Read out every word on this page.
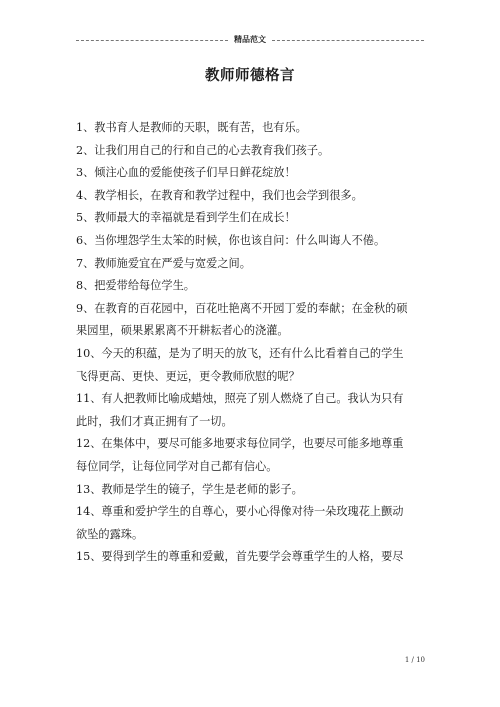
精品范文
教师师德格言

1、教书育人是教师的天职，既有苦，也有乐。

2、让我们用自己的行和自己的心去教育我们孩子。

3、倾注心血的爱能使孩子们早日鲜花绽放！

4、教学相长，在教育和教学过程中，我们也会学到很多。

5、教师最大的幸福就是看到学生们在成长！

6、当你埋怨学生太笨的时候，你也该自问：什么叫诲人不倦。

7、教师施爱宜在严爱与宽爱之间。

8、把爱带给每位学生。

9、在教育的百花园中，百花吐艳离不开园丁爱的奉献；在金秋的硕
果园里，硕果累累离不开耕耘者心的浇灌。

10、今天的积蕴，是为了明天的放飞，还有什么比看着自己的学生
飞得更高、更快、更远，更令教师欣慰的呢？

11、有人把教师比喻成蜡烛，照亮了别人燃烧了自己。我认为只有
此时，我们才真正拥有了一切。

12、在集体中，要尽可能多地要求每位同学，也要尽可能多地尊重
每位同学，让每位同学对自己都有信心。

13、教师是学生的镜子，学生是老师的影子。

14、尊重和爱护学生的自尊心，要小心得像对待一朵玫瑰花上颤动
欲坠的露珠。

15、要得到学生的尊重和爱戴，首先要学会尊重学生的人格，要尽

1 / 10
